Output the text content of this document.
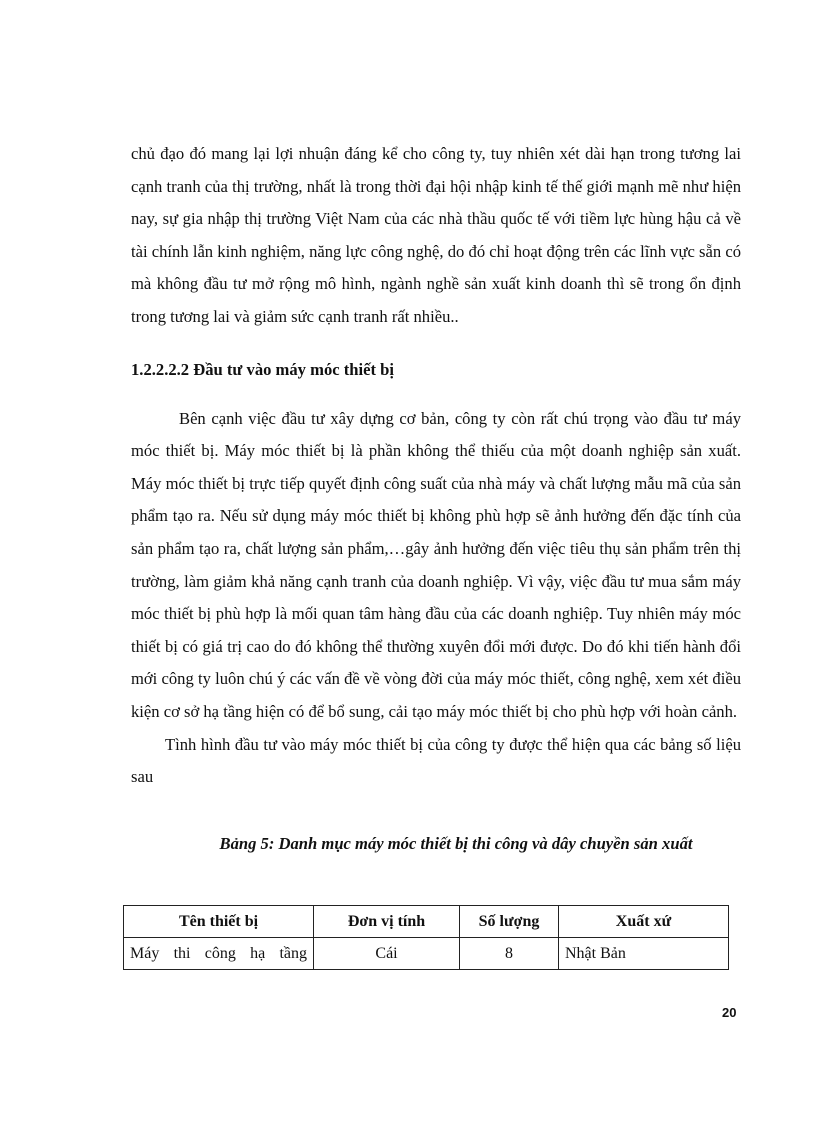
chủ đạo đó mang lại lợi nhuận đáng kể cho công ty, tuy nhiên xét dài hạn trong tương lai cạnh tranh của thị trường, nhất là trong thời đại hội nhập kinh tế thế giới mạnh mẽ như hiện nay, sự gia nhập thị trường Việt Nam của các nhà thầu quốc tế với tiềm lực hùng hậu cả về tài chính lẫn kinh nghiệm, năng lực công nghệ, do đó chỉ hoạt động trên các lĩnh vực sẵn có mà không đầu tư mở rộng mô hình, ngành nghề sản xuất kinh doanh thì sẽ trong ổn định trong tương lai và giảm sức cạnh tranh rất nhiều..

1.2.2.2.2 Đầu tư vào máy móc thiết bị

Bên cạnh việc đầu tư xây dựng cơ bản, công ty còn rất chú trọng vào đầu tư máy móc thiết bị. Máy móc thiết bị là phần không thể thiếu của một doanh nghiệp sản xuất. Máy móc thiết bị trực tiếp quyết định công suất của nhà máy và chất lượng mẫu mã của sản phẩm tạo ra. Nếu sử dụng máy móc thiết bị không phù hợp sẽ ảnh hưởng đến đặc tính của sản phẩm tạo ra, chất lượng sản phẩm,…gây ảnh hưởng đến việc tiêu thụ sản phẩm trên thị trường, làm giảm khả năng cạnh tranh của doanh nghiệp. Vì vậy, việc đầu tư mua sắm máy móc thiết bị phù hợp là mối quan tâm hàng đầu của các doanh nghiệp. Tuy nhiên máy móc thiết bị có giá trị cao do đó không thể thường xuyên đổi mới được. Do đó khi tiến hành đổi mới công ty luôn chú ý các vấn đề về vòng đời của máy móc thiết, công nghệ, xem xét điều kiện cơ sở hạ tầng hiện có để bổ sung, cải tạo máy móc thiết bị cho phù hợp với hoàn cảnh.

Tình hình đầu tư vào máy móc thiết bị của công ty được thể hiện qua các bảng số liệu sau

Bảng 5: Danh mục máy móc thiết bị thi công và dây chuyền sản xuất

Tên thiết bị	Đơn vị tính	Số lượng	Xuất xứ
Máy thi công hạ tầng	Cái	8	Nhật Bản
20
